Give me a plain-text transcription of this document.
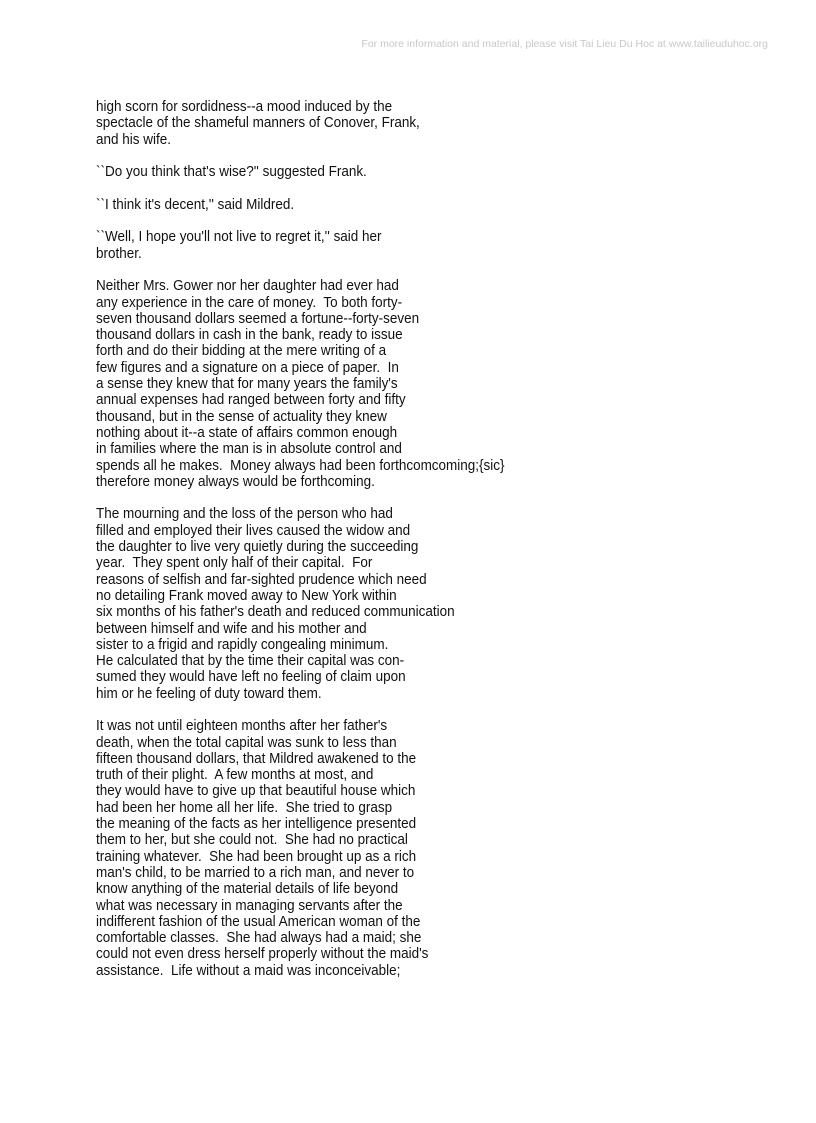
For more information and material, please visit Tai Lieu Du Hoc at www.tailieuduhoc.org

high scorn for sordidness--a mood induced by the
spectacle of the shameful manners of Conover, Frank,
and his wife.

``Do you think that's wise?'' suggested Frank.

``I think it's decent,'' said Mildred.

``Well, I hope you'll not live to regret it,'' said her
brother.

Neither Mrs. Gower nor her daughter had ever had
any experience in the care of money.  To both forty-
seven thousand dollars seemed a fortune--forty-seven
thousand dollars in cash in the bank, ready to issue
forth and do their bidding at the mere writing of a
few figures and a signature on a piece of paper.  In
a sense they knew that for many years the family's
annual expenses had ranged between forty and fifty
thousand, but in the sense of actuality they knew
nothing about it--a state of affairs common enough
in families where the man is in absolute control and
spends all he makes.  Money always had been forthcomcoming;{sic}
therefore money always would be forthcoming.

The mourning and the loss of the person who had
filled and employed their lives caused the widow and
the daughter to live very quietly during the succeeding
year.  They spent only half of their capital.  For
reasons of selfish and far-sighted prudence which need
no detailing Frank moved away to New York within
six months of his father's death and reduced communication
between himself and wife and his mother and
sister to a frigid and rapidly congealing minimum.
He calculated that by the time their capital was con-
sumed they would have left no feeling of claim upon
him or he feeling of duty toward them.

It was not until eighteen months after her father's
death, when the total capital was sunk to less than
fifteen thousand dollars, that Mildred awakened to the
truth of their plight.  A few months at most, and
they would have to give up that beautiful house which
had been her home all her life.  She tried to grasp
the meaning of the facts as her intelligence presented
them to her, but she could not.  She had no practical
training whatever.  She had been brought up as a rich
man's child, to be married to a rich man, and never to
know anything of the material details of life beyond
what was necessary in managing servants after the
indifferent fashion of the usual American woman of the
comfortable classes.  She had always had a maid; she
could not even dress herself properly without the maid's
assistance.  Life without a maid was inconceivable;
